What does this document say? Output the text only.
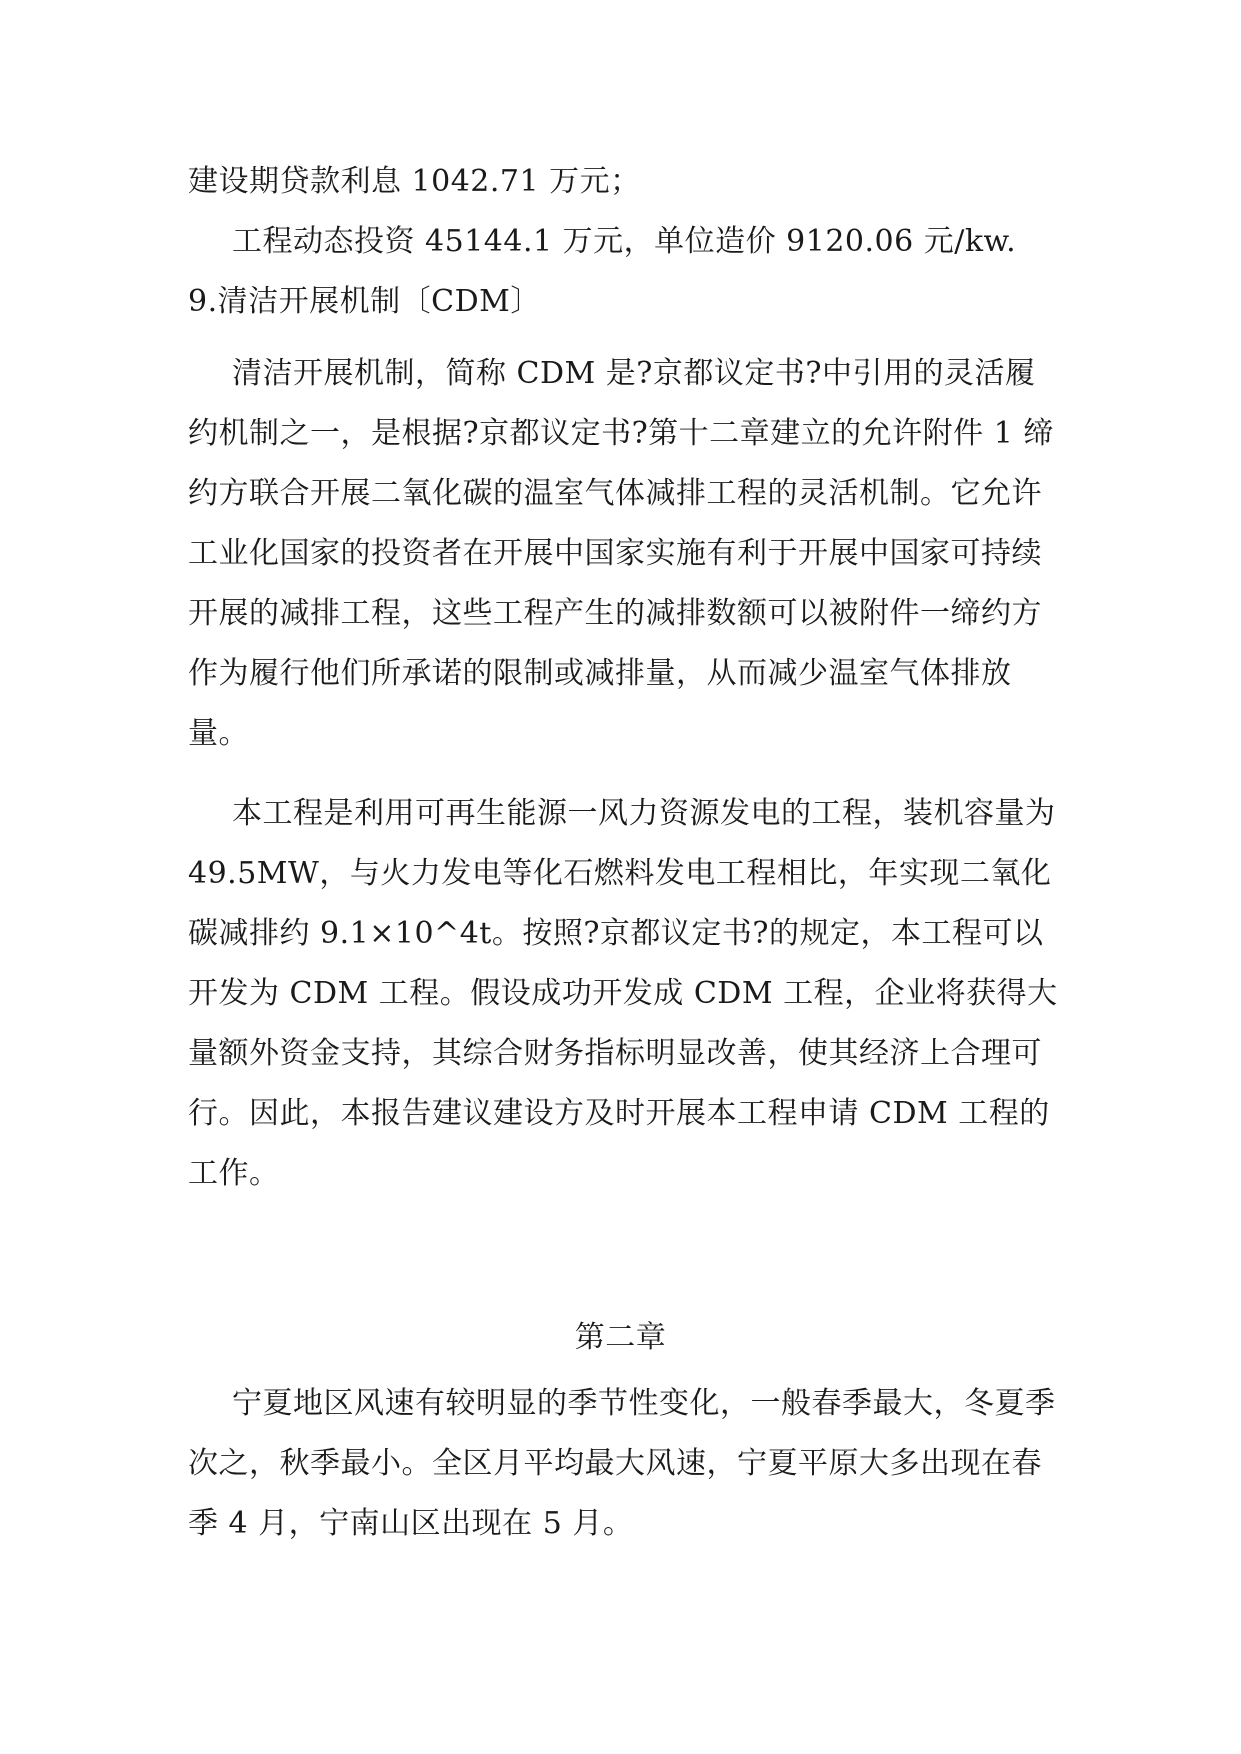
建设期贷款利息 1042.71 万元；
工程动态投资 45144.1 万元，单位造价 9120.06 元/kw.
9.清洁开展机制〔CDM〕
清洁开展机制，简称 CDM 是?京都议定书?中引用的灵活履约机制之一，是根据?京都议定书?第十二章建立的允许附件 1 缔约方联合开展二氧化碳的温室气体减排工程的灵活机制。它允许工业化国家的投资者在开展中国家实施有利于开展中国家可持续开展的减排工程，这些工程产生的减排数额可以被附件一缔约方作为履行他们所承诺的限制或减排量，从而减少温室气体排放量。
本工程是利用可再生能源一风力资源发电的工程，装机容量为 49.5MW，与火力发电等化石燃料发电工程相比，年实现二氧化碳减排约 9.1×10^4t。按照?京都议定书?的规定，本工程可以开发为 CDM 工程。假设成功开发成 CDM 工程，企业将获得大量额外资金支持，其综合财务指标明显改善，使其经济上合理可行。因此，本报告建议建设方及时开展本工程申请 CDM 工程的工作。
第二章
宁夏地区风速有较明显的季节性变化，一般春季最大，冬夏季次之，秋季最小。全区月平均最大风速，宁夏平原大多出现在春季 4 月，宁南山区出现在 5 月。
